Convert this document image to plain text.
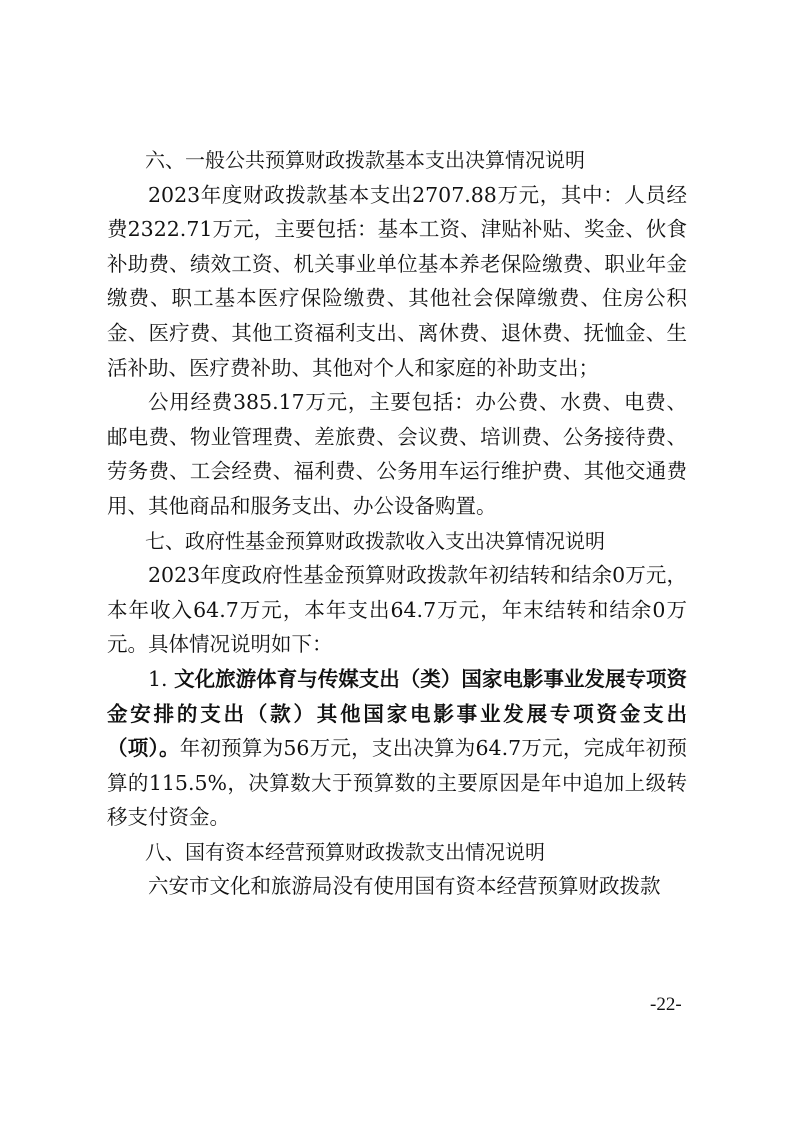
六、一般公共预算财政拨款基本支出决算情况说明

2023年度财政拨款基本支出2707.88万元，其中：人员经费2322.71万元，主要包括：基本工资、津贴补贴、奖金、伙食补助费、绩效工资、机关事业单位基本养老保险缴费、职业年金缴费、职工基本医疗保险缴费、其他社会保障缴费、住房公积金、医疗费、其他工资福利支出、离休费、退休费、抚恤金、生活补助、医疗费补助、其他对个人和家庭的补助支出；

公用经费385.17万元，主要包括：办公费、水费、电费、邮电费、物业管理费、差旅费、会议费、培训费、公务接待费、劳务费、工会经费、福利费、公务用车运行维护费、其他交通费用、其他商品和服务支出、办公设备购置。

七、政府性基金预算财政拨款收入支出决算情况说明

2023年度政府性基金预算财政拨款年初结转和结余0万元，本年收入64.7万元，本年支出64.7万元，年末结转和结余0万元。具体情况说明如下：

1. 文化旅游体育与传媒支出（类）国家电影事业发展专项资金安排的支出（款）其他国家电影事业发展专项资金支出（项）。年初预算为56万元，支出决算为64.7万元，完成年初预算的115.5%，决算数大于预算数的主要原因是年中追加上级转移支付资金。

八、国有资本经营预算财政拨款支出情况说明

六安市文化和旅游局没有使用国有资本经营预算财政拨款

-22-
